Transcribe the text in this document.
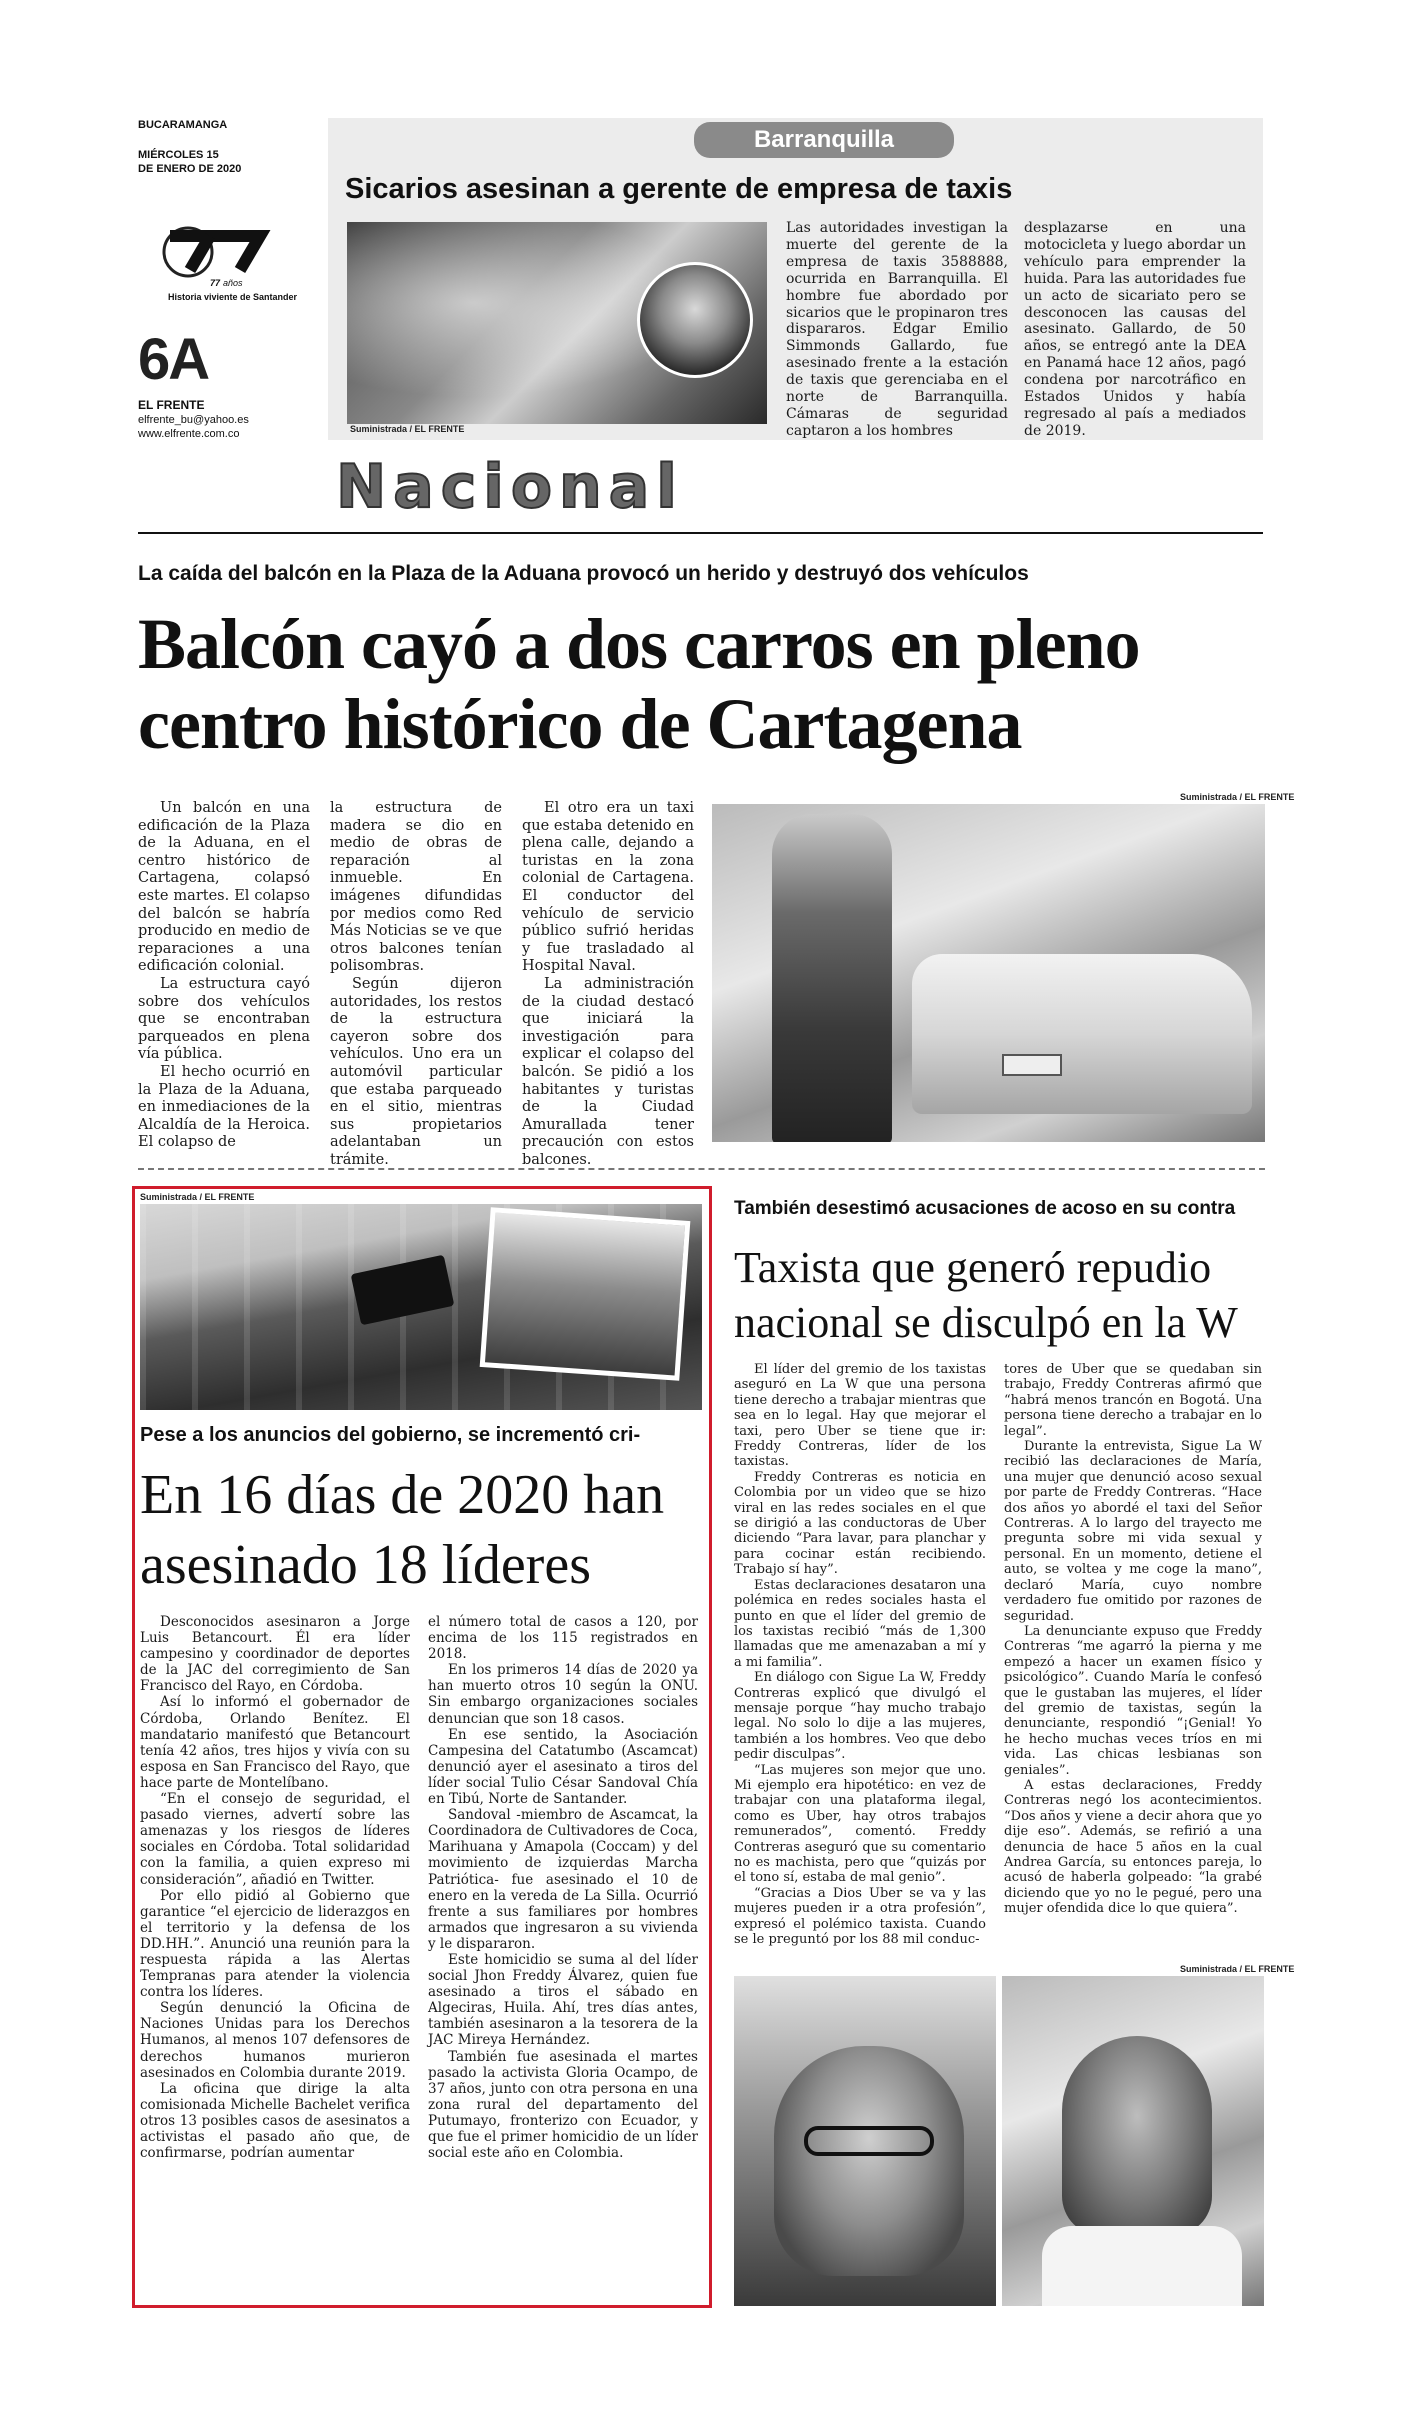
BUCARAMANGA
MIÉRCOLES 15
DE ENERO DE 2020
77 años
Historia viviente de Santander
6A
EL FRENTE
elfrente_bu@yahoo.es
www.elfrente.com.co
Barranquilla
Sicarios asesinan a gerente de empresa de taxis
Suministrada / EL FRENTE
Las autoridades investigan la muerte del gerente de la empresa de taxis 3588888, ocurrida en Barranquilla. El hombre fue abordado por sicarios que le propinaron tres dispararos. Edgar Emilio Simmonds Gallardo, fue asesinado frente a la estación de taxis que gerenciaba en el norte de Barranquilla. Cámaras de seguridad captaron a los hombres
desplazarse en una motocicleta y luego abordar un vehículo para emprender la huida. Para las autoridades fue un acto de sicariato pero se desconocen las causas del asesinato. Gallardo, de 50 años, se entregó ante la DEA en Panamá hace 12 años, pagó condena por narcotráfico en Estados Unidos y había regresado al país a mediados de 2019.
Nacional
La caída del balcón en la Plaza de la Aduana provocó un herido y destruyó dos vehículos
Balcón cayó a dos carros en pleno
centro histórico de Cartagena

Un balcón en una edificación de la Plaza de la Aduana, en el centro histórico de Cartagena, colapsó este martes. El colapso del balcón se habría producido en medio de reparaciones a una edificación colonial.

La estructura cayó sobre dos vehículos que se encontraban parqueados en plena vía pública.

El hecho ocurrió en la Plaza de la Aduana, en inmediaciones de la Alcaldía de la Heroica. El colapso de

la estructura de madera se dio en medio de obras de reparación al inmueble. En imágenes difundidas por medios como Red Más Noticias se ve que otros balcones tenían polisombras.

Según dijeron autoridades, los restos de la estructura cayeron sobre dos vehículos. Uno era un automóvil particular que estaba parqueado en el sitio, mientras sus propietarios adelantaban un trámite.

El otro era un taxi que estaba detenido en plena calle, dejando a turistas en la zona colonial de Cartagena. El conductor del vehículo de servicio público sufrió heridas y fue trasladado al Hospital Naval.

La administración de la ciudad destacó que iniciará la investigación para explicar el colapso del balcón. Se pidió a los habitantes y turistas de la Ciudad Amurallada tener precaución con estos balcones.

Suministrada / EL FRENTE
Suministrada / EL FRENTE
Pese a los anuncios del gobierno, se incrementó cri-
En 16 días de 2020 han
asesinado 18 líderes

Desconocidos asesinaron a Jorge Luis Betancourt. Él era líder campesino y coordinador de deportes de la JAC del corregimiento de San Francisco del Rayo, en Córdoba.

Así lo informó el gobernador de Córdoba, Orlando Benítez. El mandatario manifestó que Betancourt tenía 42 años, tres hijos y vivía con su esposa en San Francisco del Rayo, que hace parte de Montelíbano.

“En el consejo de seguridad, el pasado viernes, advertí sobre las amenazas y los riesgos de líderes sociales en Córdoba. Total solidaridad con la familia, a quien expreso mi consideración”, añadió en Twitter.

Por ello pidió al Gobierno que garantice “el ejercicio de liderazgos en el territorio y la defensa de los DD.HH.”. Anunció una reunión para la respuesta rápida a las Alertas Tempranas para atender la violencia contra los líderes.

Según denunció la Oficina de Naciones Unidas para los Derechos Humanos, al menos 107 defensores de derechos humanos murieron asesinados en Colombia durante 2019.

La oficina que dirige la alta comisionada Michelle Bachelet verifica otros 13 posibles casos de asesinatos a activistas el pasado año que, de confirmarse, podrían aumentar

el número total de casos a 120, por encima de los 115 registrados en 2018.

En los primeros 14 días de 2020 ya han muerto otros 10 según la ONU. Sin embargo organizaciones sociales denuncian que son 18 casos.

En ese sentido, la Asociación Campesina del Catatumbo (Ascamcat) denunció ayer el asesinato a tiros del líder social Tulio César Sandoval Chía en Tibú, Norte de Santander.

Sandoval -miembro de Ascamcat, la Coordinadora de Cultivadores de Coca, Marihuana y Amapola (Coccam) y del movimiento de izquierdas Marcha Patriótica- fue asesinado el 10 de enero en la vereda de La Silla. Ocurrió frente a sus familiares por hombres armados que ingresaron a su vivienda y le dispararon.

Este homicidio se suma al del líder social Jhon Freddy Álvarez, quien fue asesinado a tiros el sábado en Algeciras, Huila. Ahí, tres días antes, también asesinaron a la tesorera de la JAC Mireya Hernández.

También fue asesinada el martes pasado la activista Gloria Ocampo, de 37 años, junto con otra persona en una zona rural del departamento del Putumayo, fronterizo con Ecuador, y que fue el primer homicidio de un líder social este año en Colombia.

También desestimó acusaciones de acoso en su contra
Taxista que generó repudio
nacional se disculpó en la W

El líder del gremio de los taxistas aseguró en La W que una persona tiene derecho a trabajar mientras que sea en lo legal. Hay que mejorar el taxi, pero Uber se tiene que ir: Freddy Contreras, líder de los taxistas.

Freddy Contreras es noticia en Colombia por un video que se hizo viral en las redes sociales en el que se dirigió a las conductoras de Uber diciendo “Para lavar, para planchar y para cocinar están recibiendo. Trabajo sí hay”.

Estas declaraciones desataron una polémica en redes sociales hasta el punto en que el líder del gremio de los taxistas recibió “más de 1,300 llamadas que me amenazaban a mí y a mi familia”.

En diálogo con Sigue La W, Freddy Contreras explicó que divulgó el mensaje porque “hay mucho trabajo legal. No solo lo dije a las mujeres, también a los hombres. Veo que debo pedir disculpas”.

“Las mujeres son mejor que uno. Mi ejemplo era hipotético: en vez de trabajar con una plataforma ilegal, como es Uber, hay otros trabajos remunerados”, comentó. Freddy Contreras aseguró que su comentario no es machista, pero que “quizás por el tono sí, estaba de mal genio”.

“Gracias a Dios Uber se va y las mujeres pueden ir a otra profesión”, expresó el polémico taxista. Cuando se le preguntó por los 88 mil conduc-

tores de Uber que se quedaban sin trabajo, Freddy Contreras afirmó que “habrá menos trancón en Bogotá. Una persona tiene derecho a trabajar en lo legal”.

Durante la entrevista, Sigue La W recibió las declaraciones de María, una mujer que denunció acoso sexual por parte de Freddy Contreras. “Hace dos años yo abordé el taxi del Señor Contreras. A lo largo del trayecto me pregunta sobre mi vida sexual y personal. En un momento, detiene el auto, se voltea y me coge la mano”, declaró María, cuyo nombre verdadero fue omitido por razones de seguridad.

La denunciante expuso que Freddy Contreras “me agarró la pierna y me empezó a hacer un examen físico y psicológico”. Cuando María le confesó que le gustaban las mujeres, el líder del gremio de taxistas, según la denunciante, respondió “¡Genial! Yo he hecho muchas veces tríos en mi vida. Las chicas lesbianas son geniales”.

A estas declaraciones, Freddy Contreras negó los acontecimientos. “Dos años y viene a decir ahora que yo dije eso”. Además, se refirió a una denuncia de hace 5 años en la cual Andrea García, su entonces pareja, lo acusó de haberla golpeado: “la grabé diciendo que yo no le pegué, pero una mujer ofendida dice lo que quiera”.

Suministrada / EL FRENTE
